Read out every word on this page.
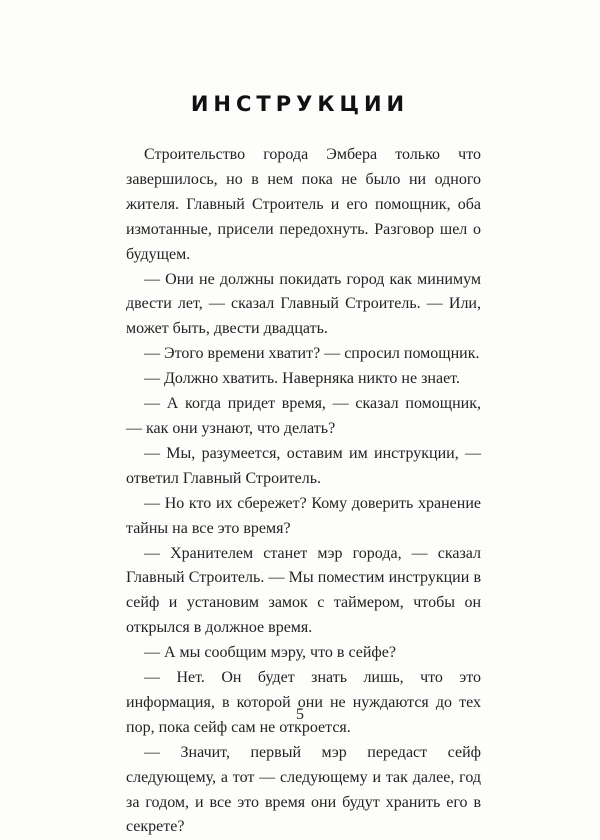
ИНСТРУКЦИИ

Строительство города Эмбера только что завершилось, но в нем пока не было ни одного жителя. Главный Строитель и его помощник, оба измотанные, присели передохнуть. Разговор шел о будущем.

— Они не должны покидать город как минимум двести лет, — сказал Главный Строитель. — Или, может быть, двести двадцать.

— Этого времени хватит? — спросил помощник.

— Должно хватить. Наверняка никто не знает.

— А когда придет время, — сказал помощник, — как они узнают, что делать?

— Мы, разумеется, оставим им инструкции, — ответил Главный Строитель.

— Но кто их сбережет? Кому доверить хранение тайны на все это время?

— Хранителем станет мэр города, — сказал Главный Строитель. — Мы поместим инструкции в сейф и установим замок с таймером, чтобы он открылся в должное время.

— А мы сообщим мэру, что в сейфе?

— Нет. Он будет знать лишь, что это информация, в которой они не нуждаются до тех пор, пока сейф сам не откроется.

— Значит, первый мэр передаст сейф следующему, а тот — следующему и так далее, год за годом, и все это время они будут хранить его в секрете?

5
